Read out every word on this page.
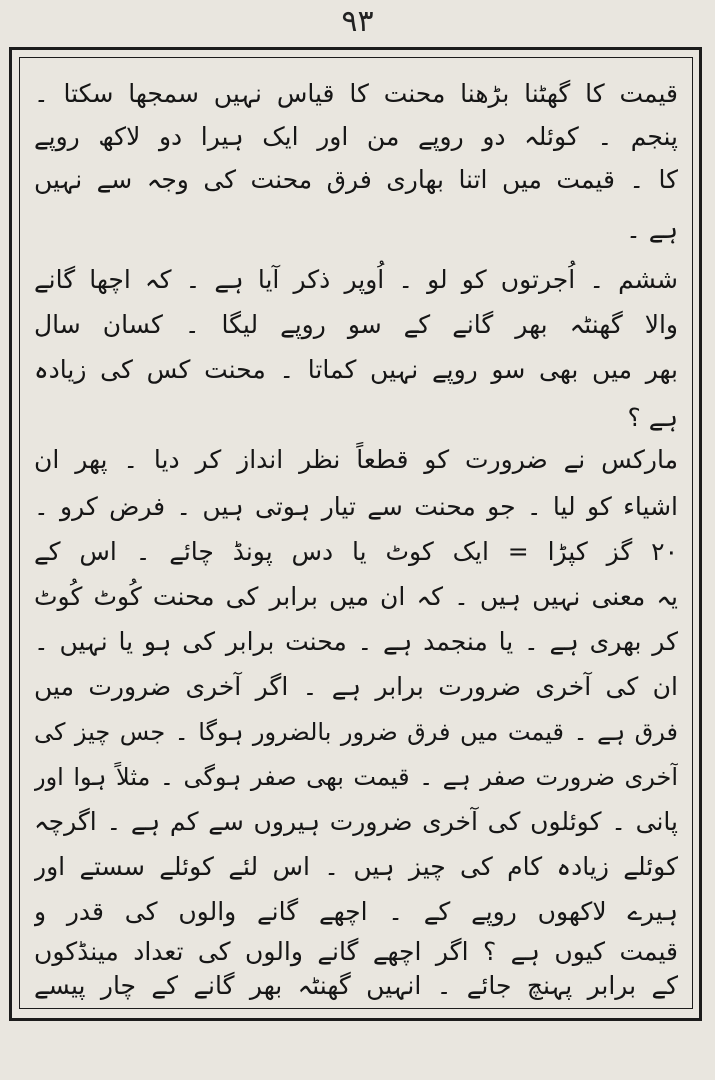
٩٣
قیمت کا گھٹنا بڑھنا محنت کا قیاس نہیں سمجھا سکتا ۔
پنجم ۔ کوئلہ دو روپے من اور ایک ہیرا دو لاکھ روپے
کا ۔ قیمت میں اتنا بھاری فرق محنت کی وجہ سے نہیں
ہے ۔
ششم ۔ اُجرتوں کو لو ۔ اُوپر ذکر آیا ہے ۔ کہ اچھا گانے
والا گھنٹہ بھر گانے کے سو روپے لیگا ۔ کسان سال
بھر میں بھی سو روپے نہیں کماتا ۔ محنت کس کی زیادہ
ہے ؟
مارکس نے ضرورت کو قطعاً نظر انداز کر دیا ۔ پھر ان
اشیاء کو لیا ۔ جو محنت سے تیار ہوتی ہیں ۔ فرض کرو ۔
۲۰ گز کپڑا = ایک کوٹ یا دس پونڈ چائے ۔ اس کے
یہ معنی نہیں ہیں ۔ کہ ان میں برابر کی محنت کُوٹ کُوٹ
کر بھری ہے ۔ یا منجمد ہے ۔ محنت برابر کی ہو یا نہیں ۔
ان کی آخری ضرورت برابر ہے ۔ اگر آخری ضرورت میں
فرق ہے ۔ قیمت میں فرق ضرور بالضرور ہوگا ۔ جس چیز کی
آخری ضرورت صفر ہے ۔ قیمت بھی صفر ہوگی ۔ مثلاً ہوا اور
پانی ۔ کوئلوں کی آخری ضرورت ہیروں سے کم ہے ۔ اگرچہ
کوئلے زیادہ کام کی چیز ہیں ۔ اس لئے کوئلے سستے اور
ہیرے لاکھوں روپے کے ۔ اچھے گانے والوں کی قدر و
قیمت کیوں ہے ؟ اگر اچھے گانے والوں کی تعداد مینڈکوں
کے برابر پہنچ جائے ۔ انہیں گھنٹہ بھر گانے کے چار پیسے
